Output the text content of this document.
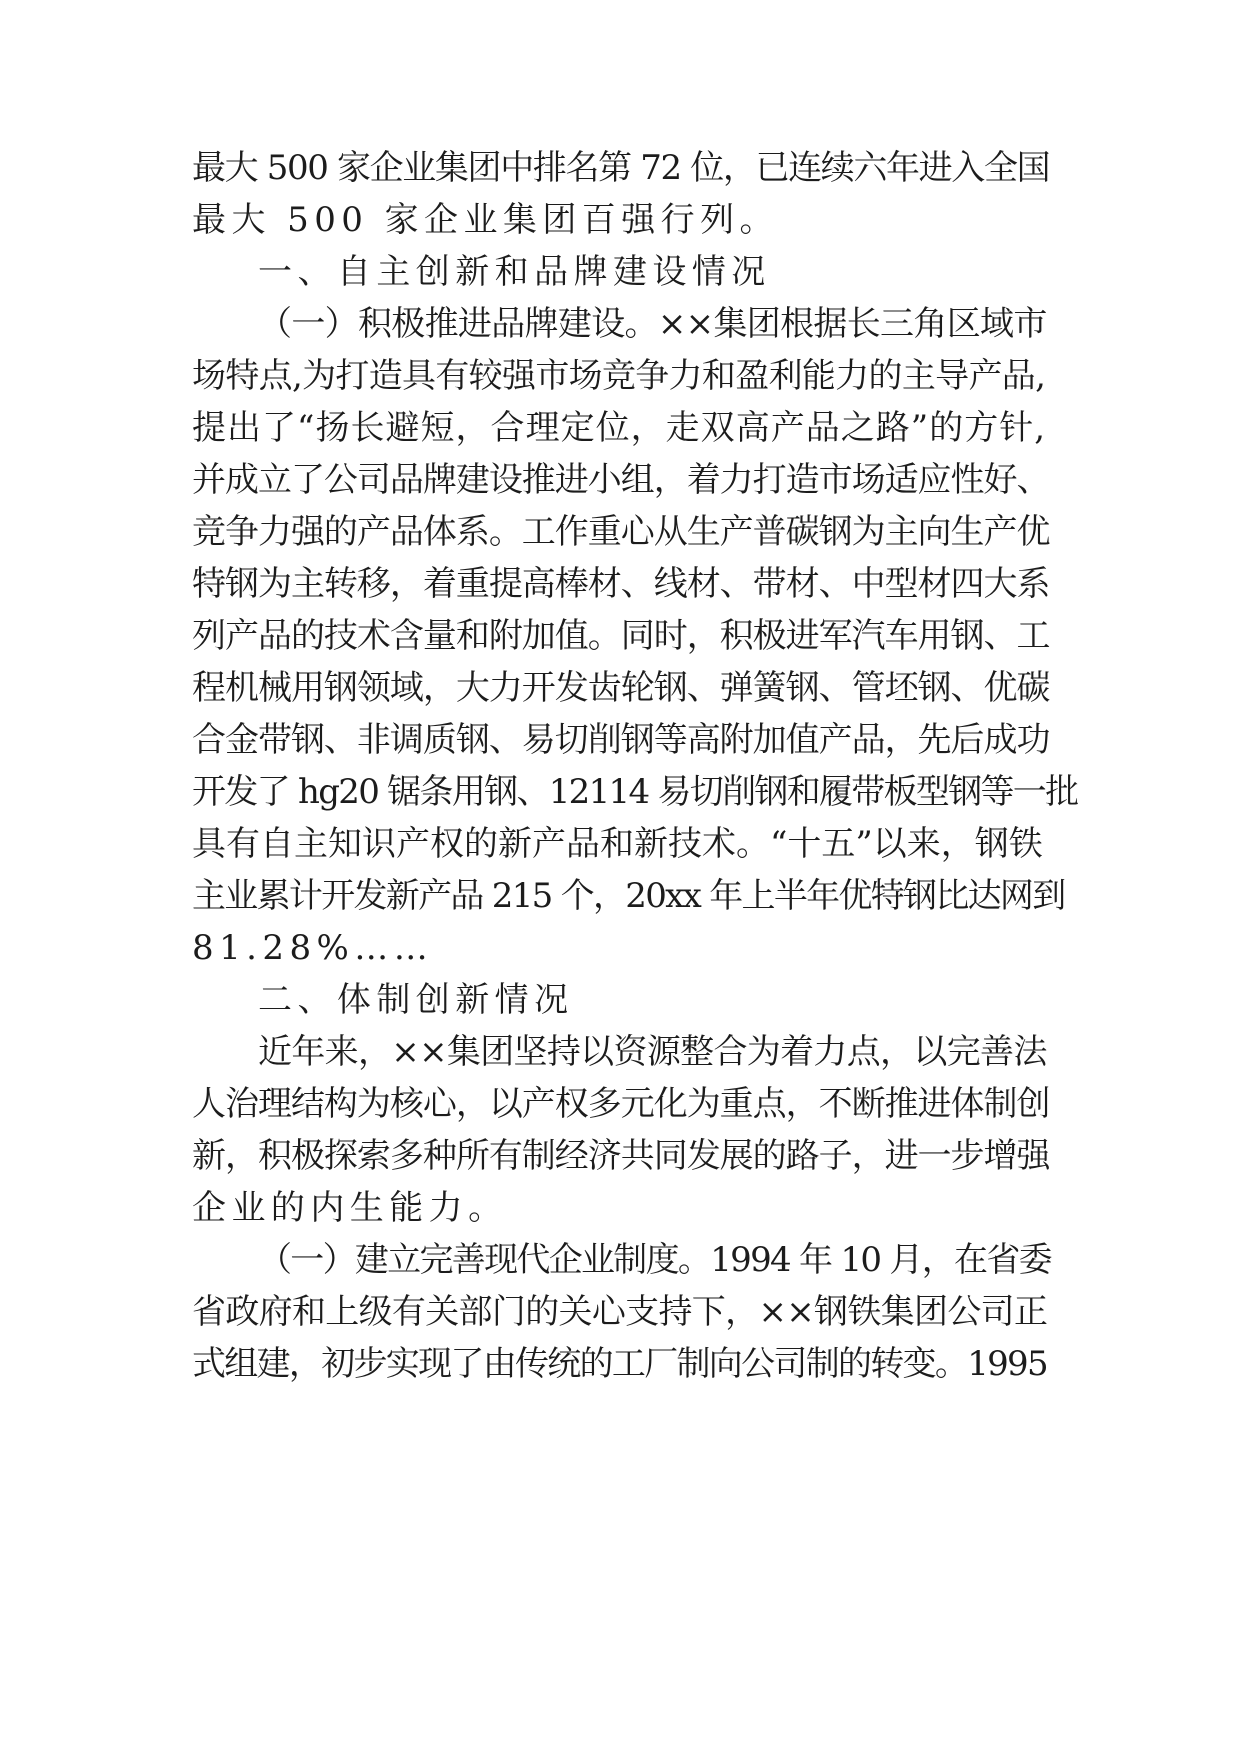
最大 500 家企业集团中排名第 72 位，已连续六年进入全国
最大 500 家企业集团百强行列。
一、自主创新和品牌建设情况
（一）积极推进品牌建设。××集团根据长三角区域市
场特点,为打造具有较强市场竞争力和盈利能力的主导产品,
提出了“扬长避短，合理定位，走双高产品之路”的方针,
并成立了公司品牌建设推进小组，着力打造市场适应性好、
竞争力强的产品体系。工作重心从生产普碳钢为主向生产优
特钢为主转移，着重提高棒材、线材、带材、中型材四大系
列产品的技术含量和附加值。同时，积极进军汽车用钢、工
程机械用钢领域，大力开发齿轮钢、弹簧钢、管坯钢、优碳
合金带钢、非调质钢、易切削钢等高附加值产品，先后成功
开发了 hg20 锯条用钢、12114 易切削钢和履带板型钢等一批
具有自主知识产权的新产品和新技术。“十五”以来，钢铁
主业累计开发新产品 215 个，20xx 年上半年优特钢比达网到
81.28%……
二、体制创新情况
近年来，××集团坚持以资源整合为着力点，以完善法
人治理结构为核心，以产权多元化为重点，不断推进体制创
新，积极探索多种所有制经济共同发展的路子，进一步增强
企业的内生能力。
（一）建立完善现代企业制度。1994 年 10 月，在省委
省政府和上级有关部门的关心支持下，××钢铁集团公司正
式组建，初步实现了由传统的工厂制向公司制的转变。1995
